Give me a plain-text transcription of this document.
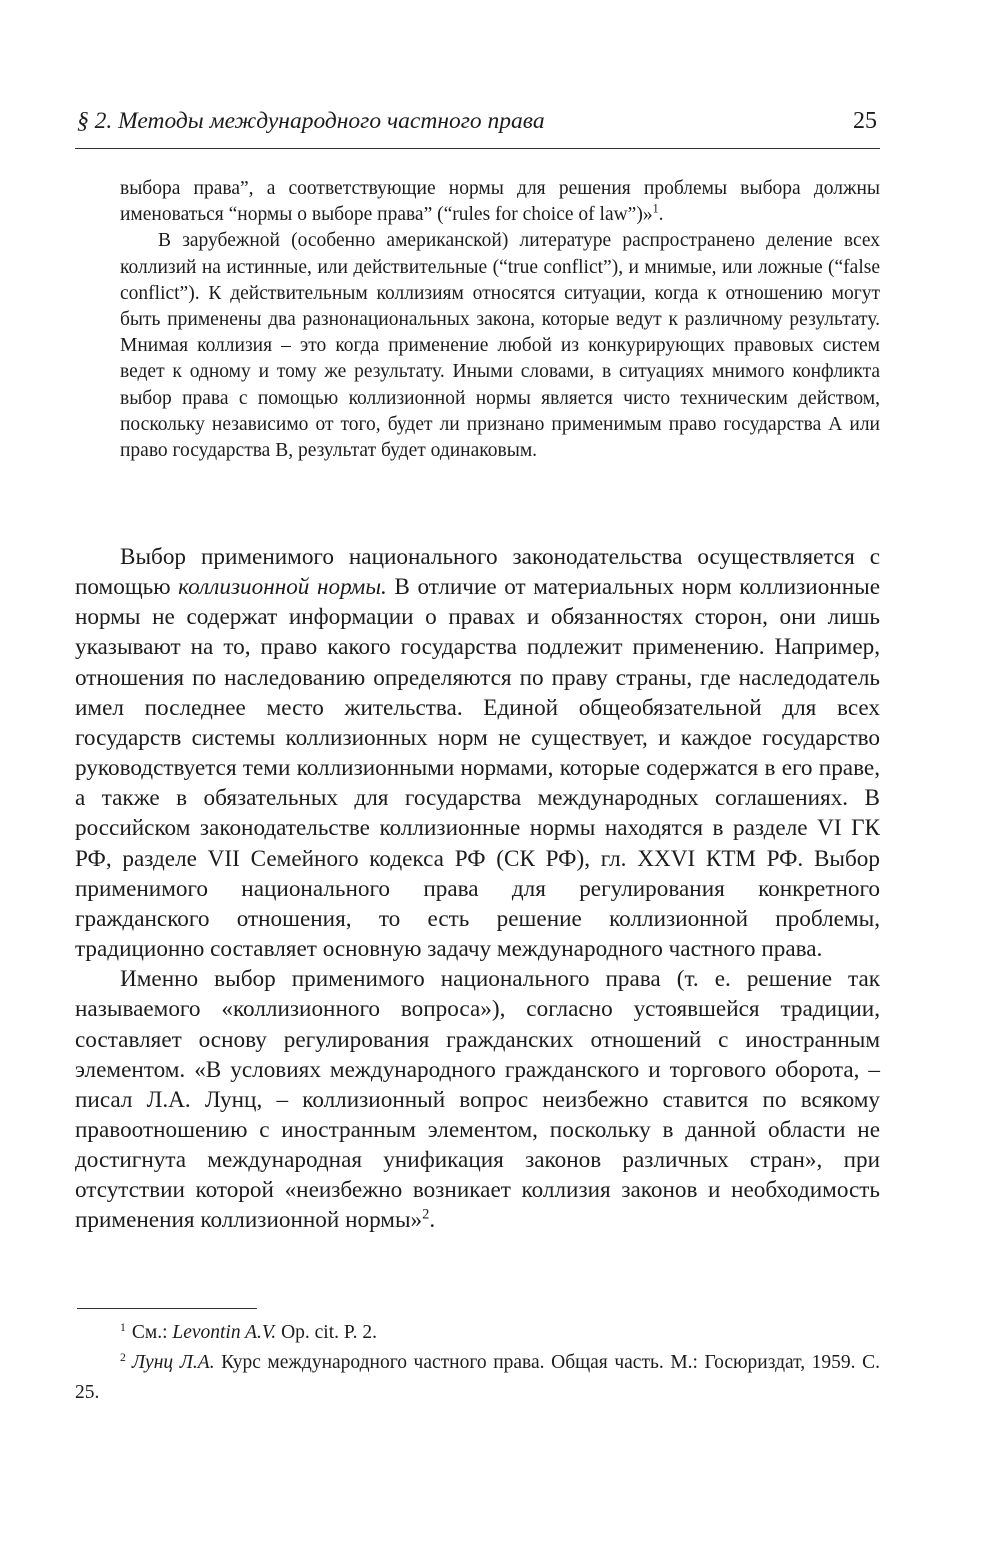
§ 2. Методы международного частного права	25

выбора права”, а соответствующие нормы для решения проблемы выбора должны именоваться “нормы о выборе права” (“rules for choice of law”)»$^1$.

В зарубежной (особенно американской) литературе распространено деление всех коллизий на истинные, или действительные (“true conflict”), и мнимые, или ложные (“false conflict”). К действительным коллизиям относятся ситуации, когда к отношению могут быть применены два разнонациональных закона, которые ведут к различному результату. Мнимая коллизия – это когда применение любой из конкурирующих правовых систем ведет к одному и тому же результату. Иными словами, в ситуациях мнимого конфликта выбор права с помощью коллизионной нормы является чисто техническим действом, поскольку независимо от того, будет ли признано применимым право государства А или право государства В, результат будет одинаковым.

Выбор применимого национального законодательства осуществляется с помощью коллизионной нормы. В отличие от материальных норм коллизионные нормы не содержат информации о правах и обязанностях сторон, они лишь указывают на то, право какого государства подлежит применению. Например, отношения по наследованию определяются по праву страны, где наследодатель имел последнее место жительства. Единой общеобязательной для всех государств системы коллизионных норм не существует, и каждое государство руководствуется теми коллизионными нормами, которые содержатся в его праве, а также в обязательных для государства международных соглашениях. В российском законодательстве коллизионные нормы находятся в разделе VI ГК РФ, разделе VII Семейного кодекса РФ (СК РФ), гл. XXVI КТМ РФ. Выбор применимого национального права для регулирования конкретного гражданского отношения, то есть решение коллизионной проблемы, традиционно составляет основную задачу международного частного права.

Именно выбор применимого национального права (т. е. решение так называемого «коллизионного вопроса»), согласно устоявшейся традиции, составляет основу регулирования гражданских отношений с иностранным элементом. «В условиях международного гражданского и торгового оборота, – писал Л.А. Лунц, – коллизионный вопрос неизбежно ставится по всякому правоотношению с иностранным элементом, поскольку в данной области не достигнута международная унификация законов различных стран», при отсутствии которой «неизбежно возникает коллизия законов и необходимость применения коллизионной нормы»$^2$.

$^1$ См.: Levontin A.V. Op. cit. P. 2.

$^2$ Лунц Л.А. Курс международного частного права. Общая часть. М.: Госюриздат, 1959. С. 25.
